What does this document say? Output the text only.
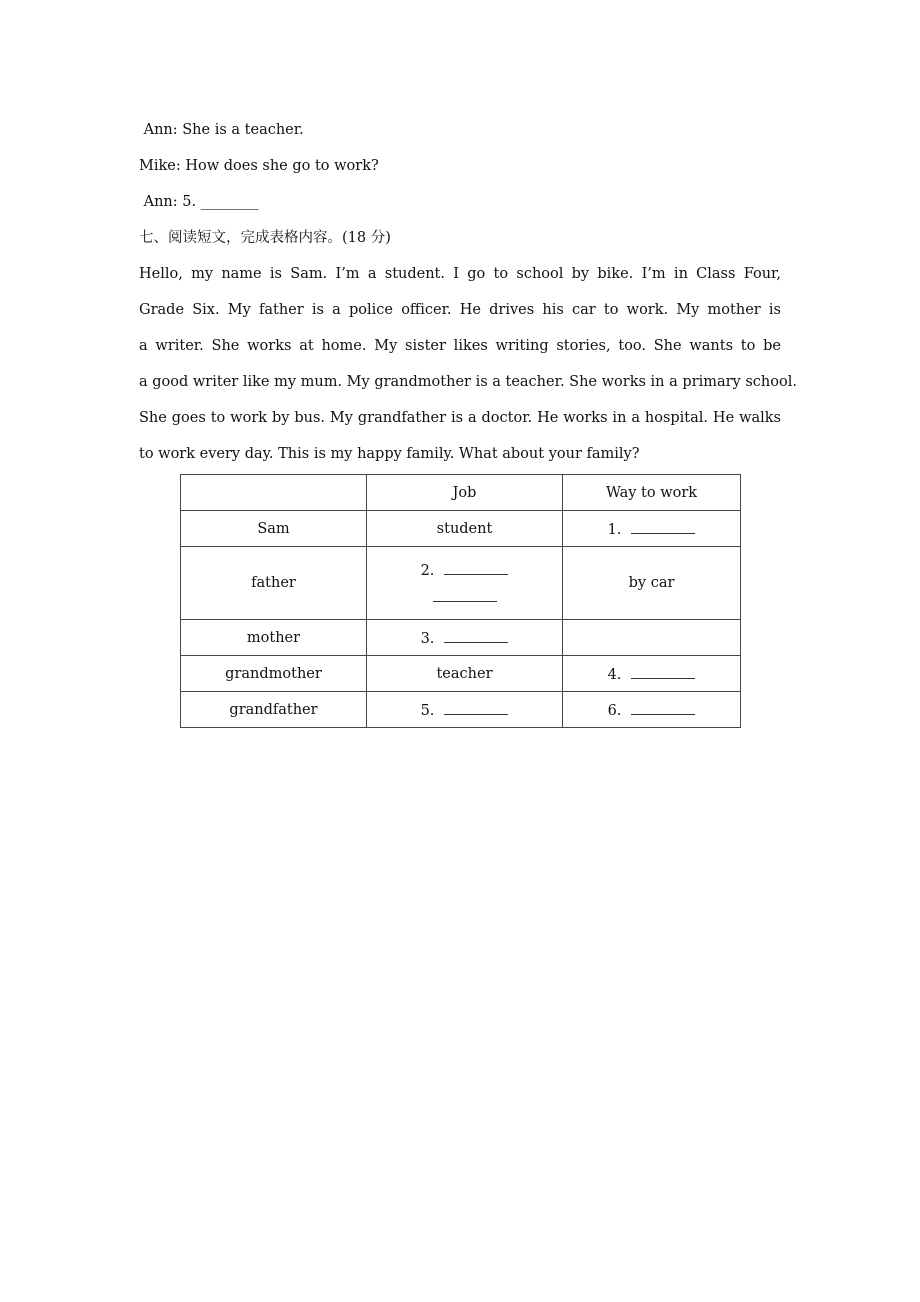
Ann: She is a teacher.
Mike: How does she go to work?
Ann: 5. ________
七、阅读短文，完成表格内容。(18 分)
Hello, my name is Sam. I’m a student. I go to school by bike. I’m in Class Four,
Grade Six. My father is a police officer. He drives his car to work. My mother is
a writer. She works at home. My sister likes writing stories, too. She wants to be
a good writer like my mum. My grandmother is a teacher. She works in a primary school.
She goes to work by bus. My grandfather is a doctor. He works in a hospital. He walks
to work every day. This is my happy family. What about your family?
	Job	Way to work
Sam	student	1.
father	2.	by car
mother	3.	
grandmother	teacher	4.
grandfather	5.	6.
